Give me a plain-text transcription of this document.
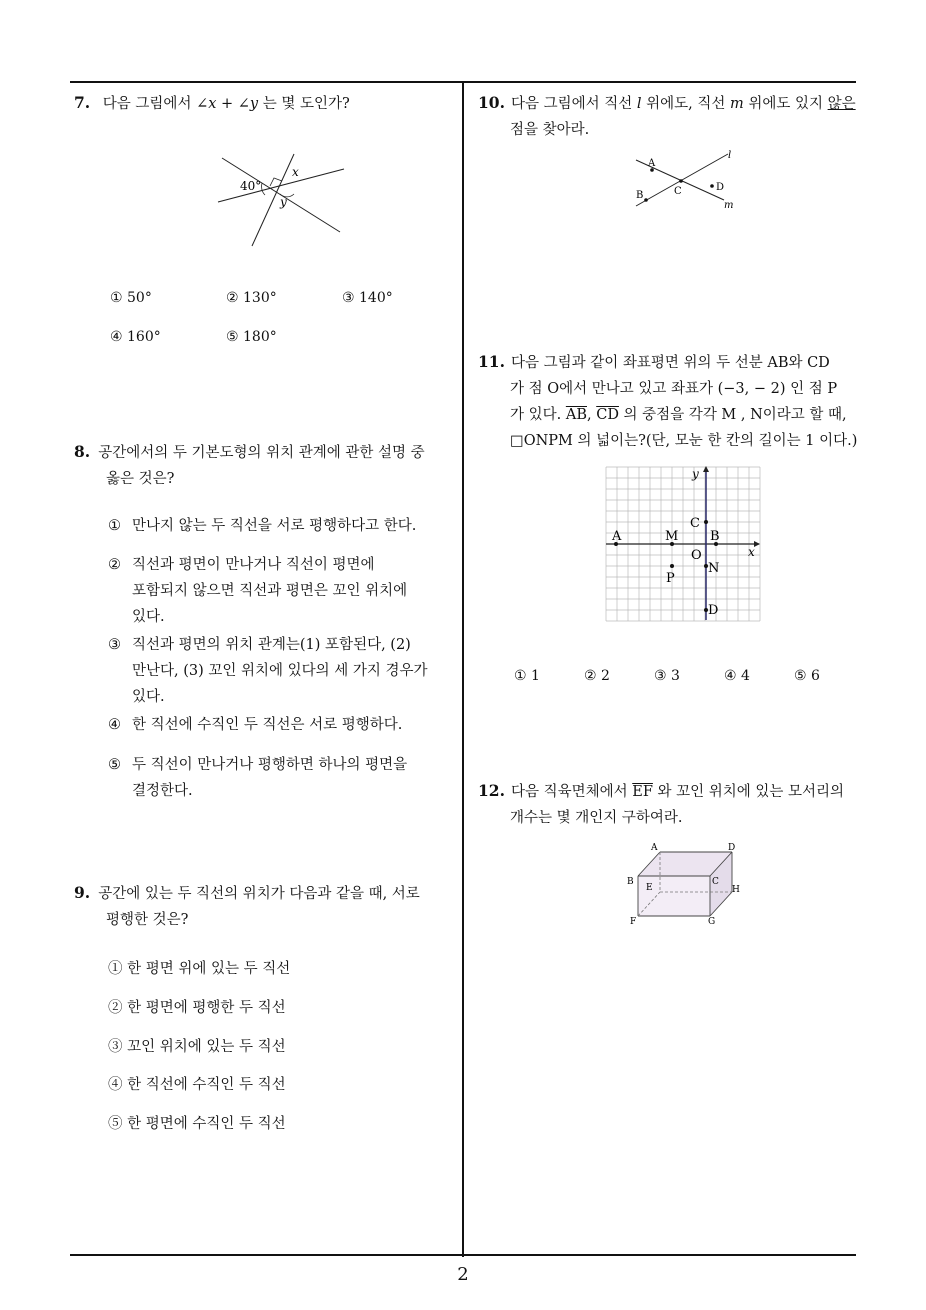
7. 다음 그림에서 ∠x + ∠y 는 몇 도인가?
40°
x
y
① 50°	② 130°	③ 140°
④ 160°	⑤ 180°
8. 공간에서의 두 기본도형의 위치 관계에 관한 설명 중
옳은 것은?
① 만나지 않는 두 직선을 서로 평행하다고 한다.
② 직선과 평면이 만나거나 직선이 평면에
포함되지 않으면 직선과 평면은 꼬인 위치에
있다.
③ 직선과 평면의 위치 관계는(1) 포함된다, (2)
만난다, (3) 꼬인 위치에 있다의 세 가지 경우가
있다.
④ 한 직선에 수직인 두 직선은 서로 평행하다.
⑤ 두 직선이 만나거나 평행하면 하나의 평면을
결정한다.
9. 공간에 있는 두 직선의 위치가 다음과 같을 때, 서로
평행한 것은?
① 한 평면 위에 있는 두 직선
② 한 평면에 평행한 두 직선
③ 꼬인 위치에 있는 두 직선
④ 한 직선에 수직인 두 직선
⑤ 한 평면에 수직인 두 직선
10. 다음 그림에서 직선 l 위에도, 직선 m 위에도 있지 않은
점을 찾아라.
A
B	C	D
l
m
11. 다음 그림과 같이 좌표평면 위의 두 선분 AB와 CD
가 점 O에서 만나고 있고 좌표가 (−3, − 2) 인 점 P
가 있다. $\overline{AB}$, $\overline{CD}$ 의 중점을 각각 M , N이라고 할 때,
□ONPM 의 넓이는?(단, 모눈 한 칸의 길이는 1 이다.)
A	B
C
D
M
N
O
P
x
y
① 1	② 2	③ 3	④ 4	⑤ 6
12. 다음 직육면체에서 $\overline{EF}$ 와 꼬인 위치에 있는 모서리의
개수는 몇 개인지 구하여라.
A
B	C
D
E
F	G
H
2
